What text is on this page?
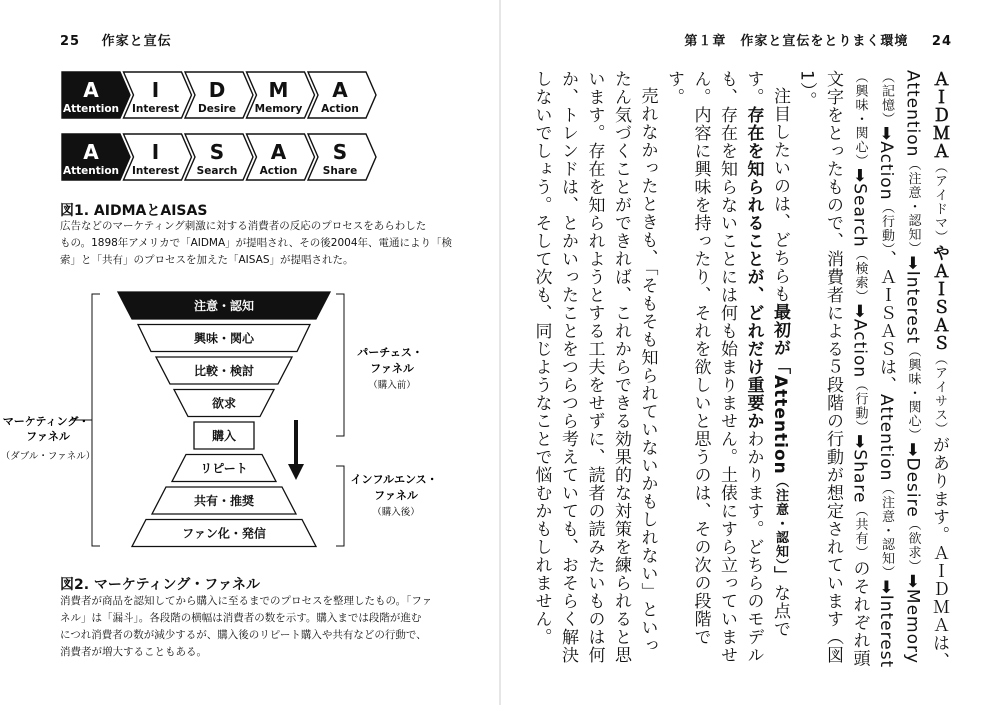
25 作家と宣伝
A
Attention
I
Interest
D
Desire
M
Memory
A
Action
A
Attention
I
Interest
S
Search
A
Action
S
Share
図1. AIDMAとAISAS
広告などのマーケティング刺激に対する消費者の反応のプロセスをあらわした
もの。1898年アメリカで「AIDMA」が提唱され、その後2004年、電通により「検
索」と「共有」のプロセスを加えた「AISAS」が提唱された。
注意・認知
興味・関心
比較・検討
欲求
購入
リピート
共有・推奨
ファン化・発信
マーケティング・ ファネル
（ダブル・ファネル）
パーチェス・ ファネル
（購入前）
インフルエンス・ ファネル
（購入後）
図2. マーケティング・ファネル
消費者が商品を認知してから購入に至るまでのプロセスを整理したもの。「ファ
ネル」は「漏斗」。各段階の横幅は消費者の数を示す。購入までは段階が進む
につれ消費者の数が減少するが、購入後のリピート購入や共有などの行動で、
消費者が増大することもある。
第１章　作家と宣伝をとりまく環境 24

ＡＩＤＭＡ（アイドマ）やＡＩＳＡＳ（アイサス）があります。ＡＩＤＭＡは、Attention（注意・認知）➡Interest（興味・関心）➡Desire（欲求）➡Memory（記憶）➡Action（行動）、ＡＩＳＡＳは、Attention（注意・認知）➡Interest（興味・関心）➡Search（検索）➡Action（行動）➡Share（共有）のそれぞれ頭文字をとったもので、消費者による５段階の行動が想定されています（図1）。

注目したいのは、どちらも最初が「Attention（注意・認知）」な点です。存在を知られることが、どれだけ重要かわかります。どちらのモデルも、存在を知らないことには何も始まりません。土俵にすら立っていません。内容に興味を持ったり、それを欲しいと思うのは、その次の段階です。

売れなかったときも、「そもそも知られていないかもしれない」といったん気づくことができれば、これからできる効果的な対策を練られると思います。存在を知られようとする工夫をせずに、読者の読みたいものは何か、トレンドは、とかいったことをつらつら考えていても、おそらく解決しないでしょう。そして次も、同じようなことで悩むかもしれません。
